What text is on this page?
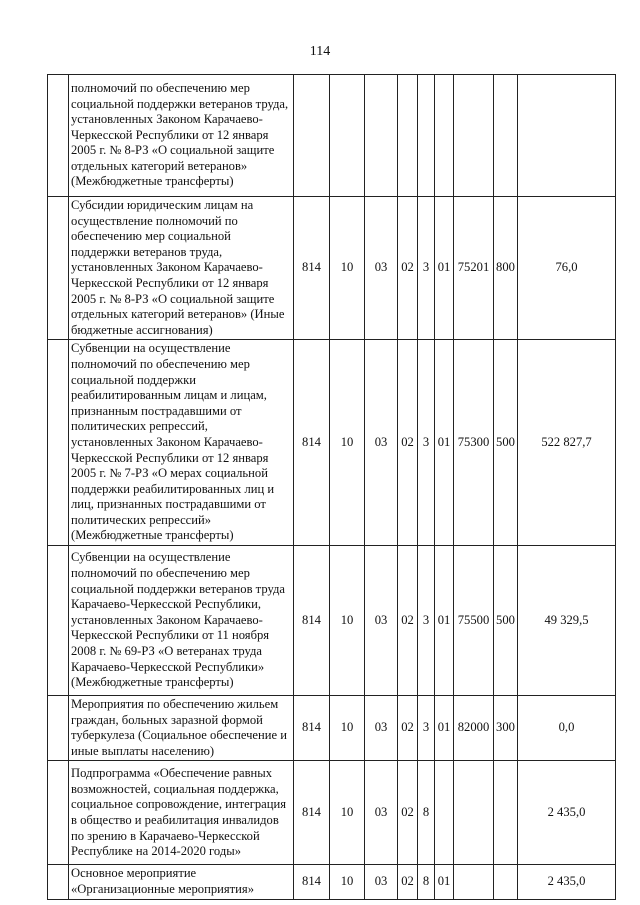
114
	полномочий по обеспечению мер социальной поддержки ветеранов труда, установленных Законом Карачаево-Черкесской Республики от 12 января 2005 г. № 8-РЗ «О социальной защите отдельных категорий ветеранов» (Межбюджетные трансферты)									
	Субсидии юридическим лицам на осуществление полномочий по обеспечению мер социальной поддержки ветеранов труда, установленных Законом Карачаево-Черкесской Республики от 12 января 2005 г. № 8-РЗ «О социальной защите отдельных категорий ветеранов» (Иные бюджетные ассигнования)	814	10	03	02	3	01	75201	800	76,0
	Субвенции на осуществление полномочий по обеспечению мер социальной поддержки реабилитированным лицам и лицам, признанным пострадавшими от политических репрессий, установленных Законом Карачаево-Черкесской Республики от 12 января 2005 г. № 7-РЗ «О мерах социальной поддержки реабилитированных лиц и лиц, признанных пострадавшими от политических репрессий» (Межбюджетные трансферты)	814	10	03	02	3	01	75300	500	522 827,7
	Субвенции на осуществление полномочий по обеспечению мер социальной поддержки ветеранов труда Карачаево-Черкесской Республики, установленных Законом Карачаево-Черкесской Республики от 11 ноября 2008 г. № 69-РЗ «О ветеранах труда Карачаево-Черкесской Республики» (Межбюджетные трансферты)	814	10	03	02	3	01	75500	500	49 329,5
	Мероприятия по обеспечению жильем граждан, больных заразной формой туберкулеза (Социальное обеспечение и иные выплаты населению)	814	10	03	02	3	01	82000	300	0,0
	Подпрограмма «Обеспечение равных возможностей, социальная поддержка, социальное сопровождение, интеграция в общество и реабилитация инвалидов по зрению в Карачаево-Черкесской Республике на 2014-2020 годы»	814	10	03	02	8				2 435,0
	Основное мероприятие «Организационные мероприятия»	814	10	03	02	8	01			2 435,0
